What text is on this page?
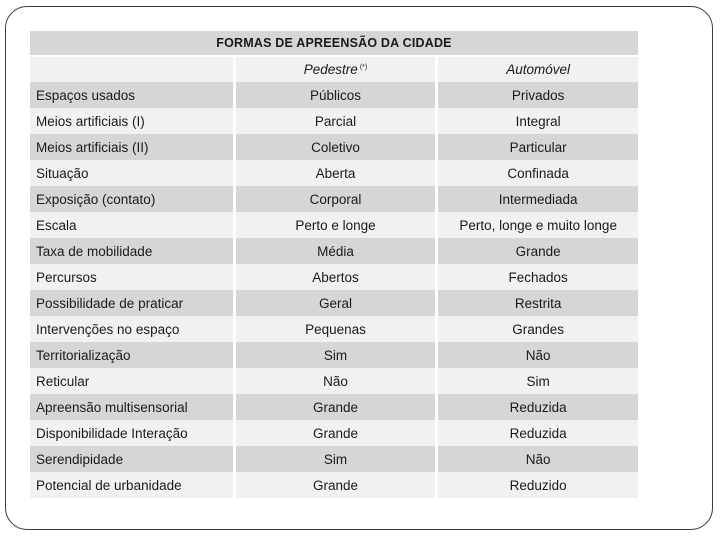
FORMAS DE APREENSÃO DA CIDADE		
	Pedestre (*)	Automóvel
Espaços usados	Públicos	Privados
Meios artificiais (I)	Parcial	Integral
Meios artificiais (II)	Coletivo	Particular
Situação	Aberta	Confinada
Exposição (contato)	Corporal	Intermediada
Escala	Perto e longe	Perto, longe e muito longe
Taxa de mobilidade	Média	Grande
Percursos	Abertos	Fechados
Possibilidade de praticar	Geral	Restrita
Intervenções no espaço	Pequenas	Grandes
Territorialização	Sim	Não
Reticular	Não	Sim
Apreensão multisensorial	Grande	Reduzida
Disponibilidade Interação	Grande	Reduzida
Serendipidade	Sim	Não
Potencial de urbanidade	Grande	Reduzido
